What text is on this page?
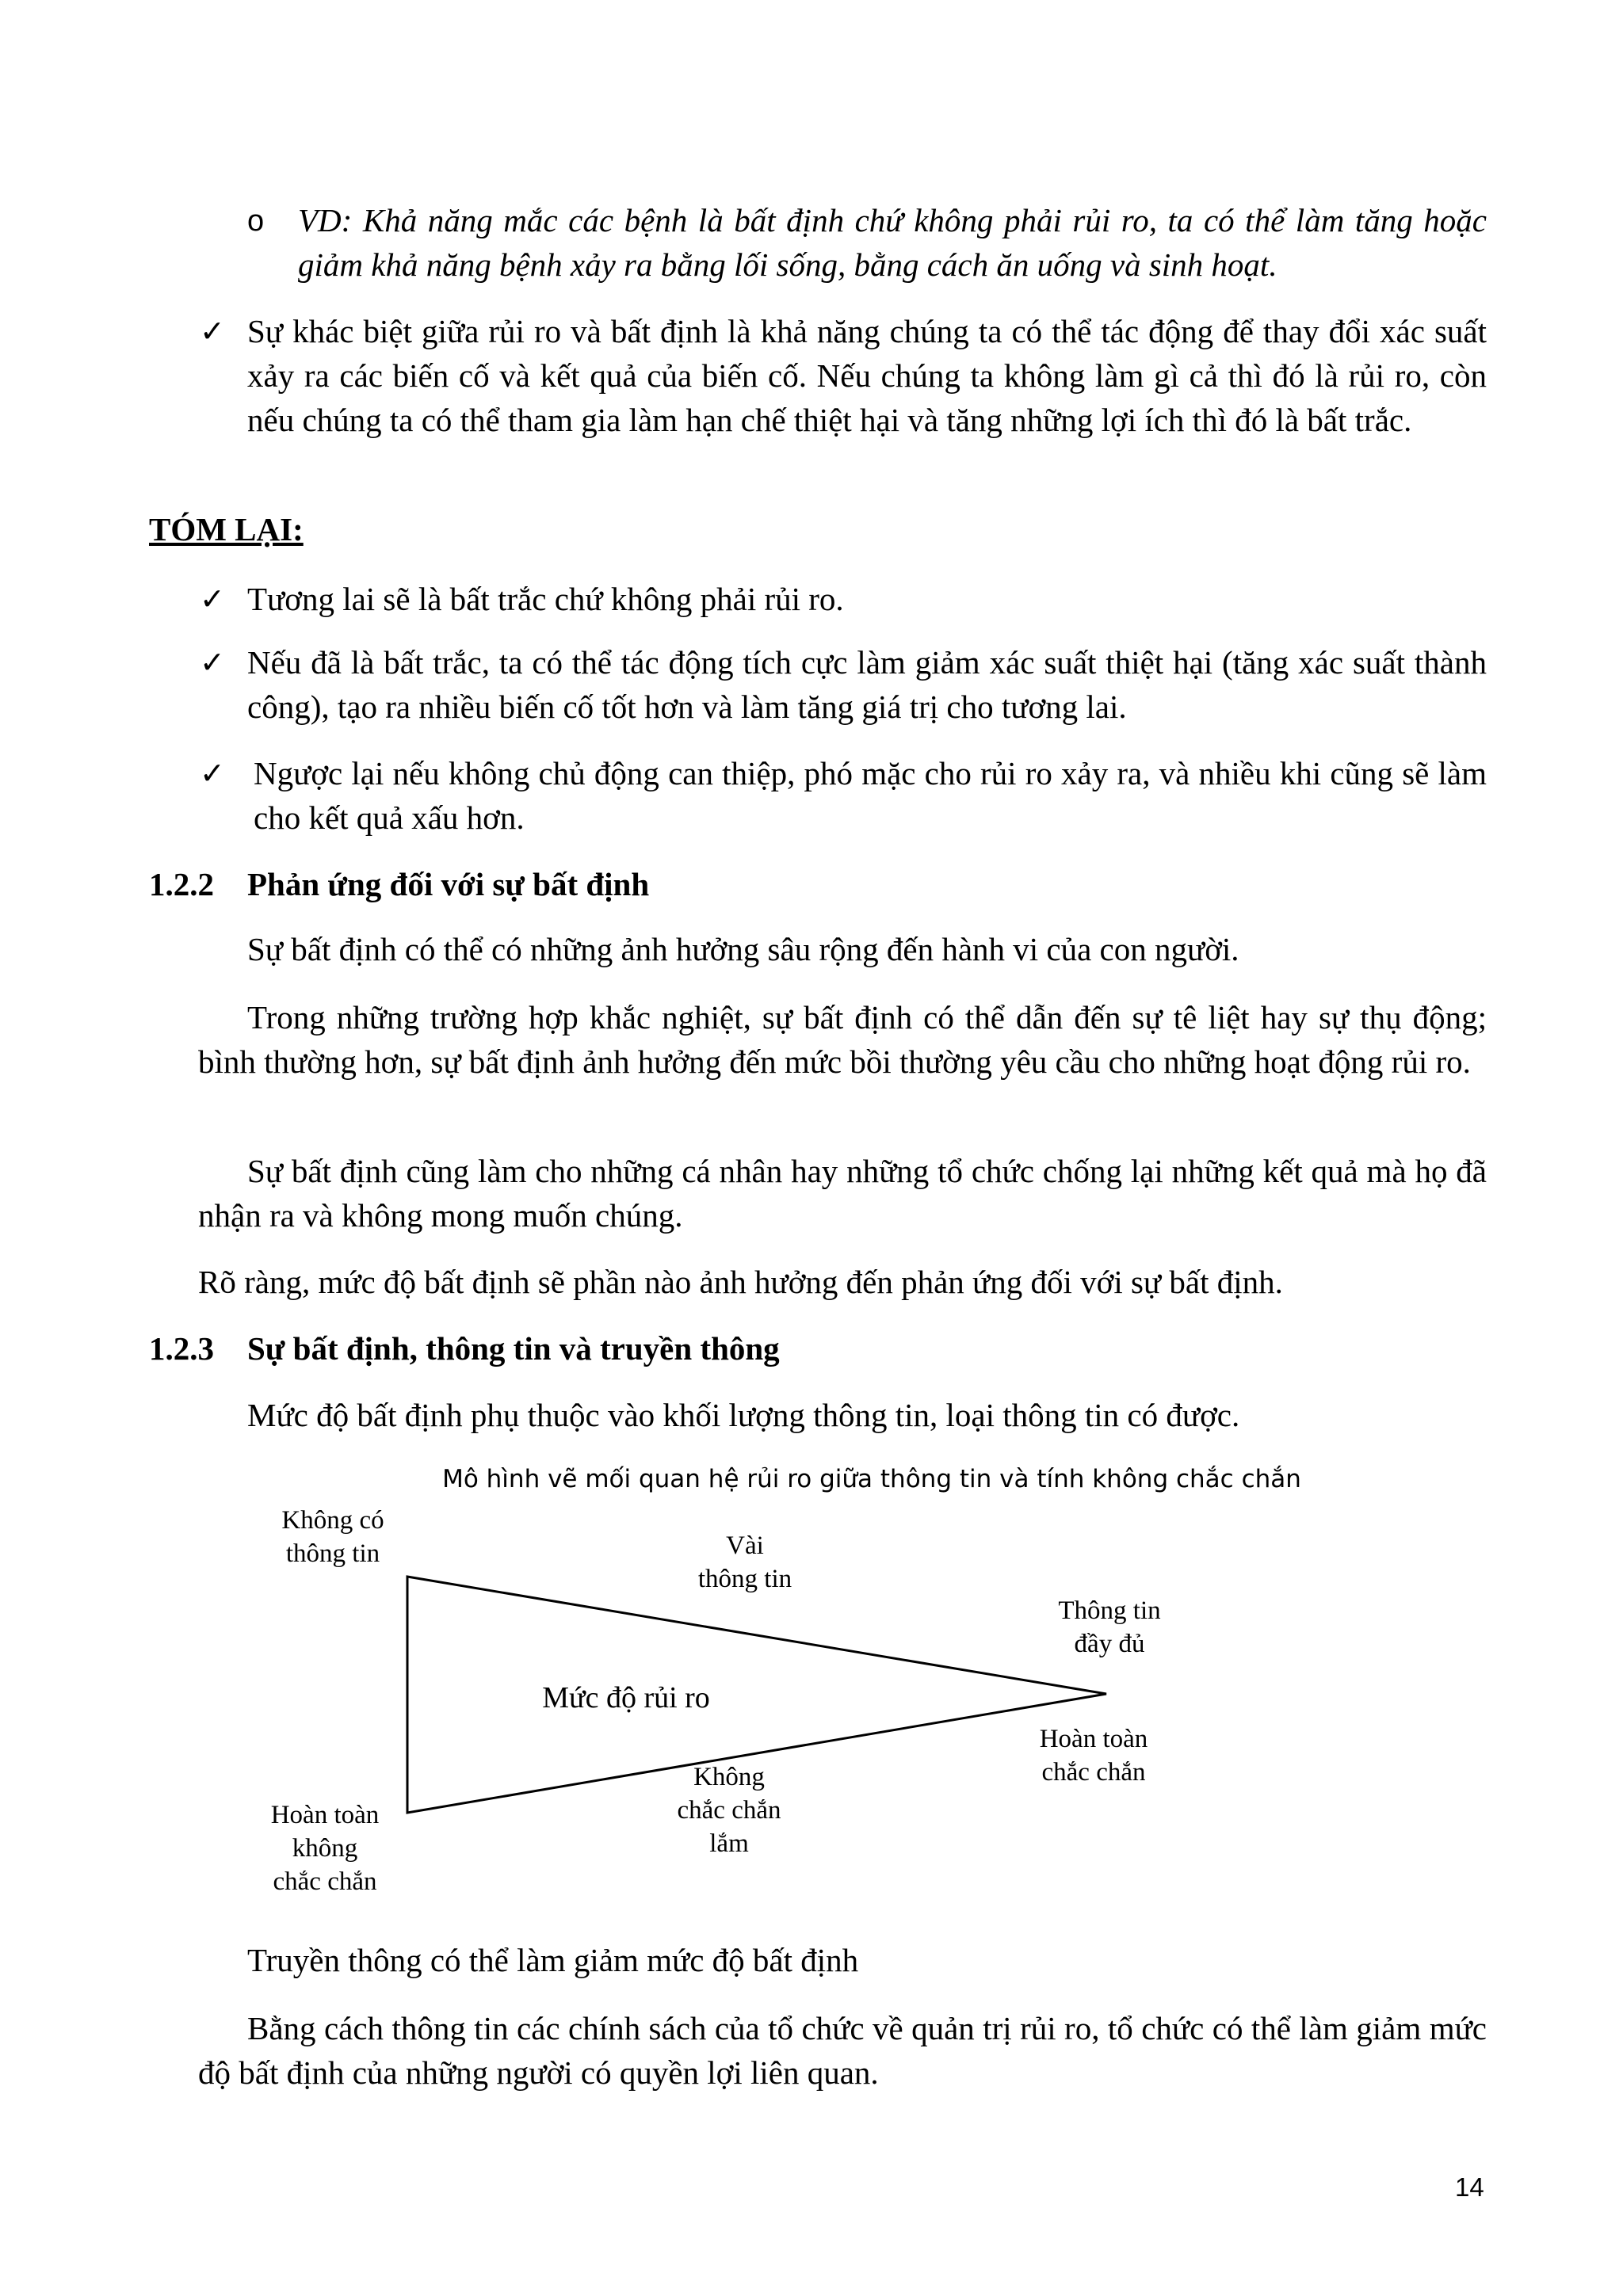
o VD: Khả năng mắc các bệnh là bất định chứ không phải rủi ro, ta có thể làm tăng hoặc giảm khả năng bệnh xảy ra bằng lối sống, bằng cách ăn uống và sinh hoạt.
✓ Sự khác biệt giữa rủi ro và bất định là khả năng chúng ta có thể tác động để thay đổi xác suất xảy ra các biến cố và kết quả của biến cố. Nếu chúng ta không làm gì cả thì đó là rủi ro, còn nếu chúng ta có thể tham gia làm hạn chế thiệt hại và tăng những lợi ích thì đó là bất trắc.
TÓM LẠI:
✓ Tương lai sẽ là bất trắc chứ không phải rủi ro.
✓ Nếu đã là bất trắc, ta có thể tác động tích cực làm giảm xác suất thiệt hại (tăng xác suất thành công), tạo ra nhiều biến cố tốt hơn và làm tăng giá trị cho tương lai.
✓ Ngược lại nếu không chủ động can thiệp, phó mặc cho rủi ro xảy ra, và nhiều khi cũng sẽ làm cho kết quả xấu hơn.
1.2.2 Phản ứng đối với sự bất định
Sự bất định có thể có những ảnh hưởng sâu rộng đến hành vi của con người.
Trong những trường hợp khắc nghiệt, sự bất định có thể dẫn đến sự tê liệt hay sự thụ động; bình thường hơn, sự bất định ảnh hưởng đến mức bồi thường yêu cầu cho những hoạt động rủi ro.
Sự bất định cũng làm cho những cá nhân hay những tổ chức chống lại những kết quả mà họ đã nhận ra và không mong muốn chúng.
Rõ ràng, mức độ bất định sẽ phần nào ảnh hưởng đến phản ứng đối với sự bất định.
1.2.3 Sự bất định, thông tin và truyền thông
Mức độ bất định phụ thuộc vào khối lượng thông tin, loại thông tin có được.
Mô hình vẽ mối quan hệ rủi ro giữa thông tin và tính không chắc chắn
Không có
thông tin	Vài
thông tin
Thông tin
đầy đủ
Mức độ rủi ro
Hoàn toàn
chắc chắn
Không
chắc chắn
lắm
Hoàn toàn
không
chắc chắn
Truyền thông có thể làm giảm mức độ bất định
Bằng cách thông tin các chính sách của tổ chức về quản trị rủi ro, tổ chức có thể làm giảm mức độ bất định của những người có quyền lợi liên quan.
14
